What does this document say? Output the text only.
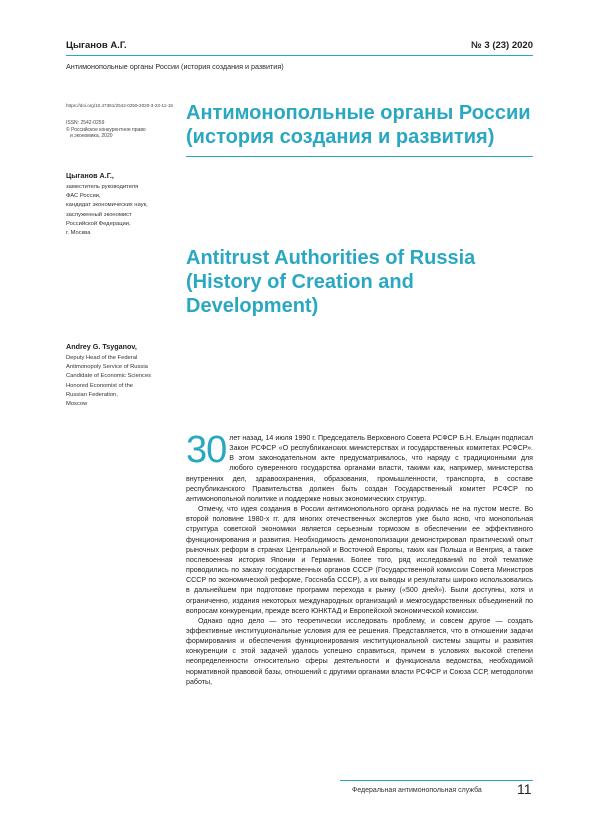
Цыганов А.Г.	№ 3 (23) 2020
Антимонопольные органы России (история создания и развития)
https://doi.org/10.47361/2542-0259-2020-3-23-11-15
ISSN: 2542-0259
© Российское конкурентное право
и экономика, 2020
Антимонопольные органы России (история создания и развития)
Цыганов А.Г.,
заместитель руководителя
ФАС России,
кандидат экономических наук,
заслуженный экономист
Российской Федерации,
г. Москва
Antitrust Authorities of Russia (History of Creation and Development)
Andrey G. Tsyganov,
Deputy Head of the Federal
Antimonopoly Service of Russia
Candidate of Economic Sciences
Honored Economist of the
Russian Federation,
Moscow

30 лет назад, 14 июля 1990 г. Председатель Верховного Совета РСФСР Б.Н. Ельцин подписал Закон РСФСР «О республиканских министерствах и государственных комитетах РСФСР». В этом законодательном акте предусматривалось, что наряду с традиционными для любого суверенного государства органами власти, такими как, например, министерства внутренних дел, здравоохранения, образования, промышленности, транспорта, в составе республиканского Правительства должен быть создан Государственный комитет РСФСР по антимонопольной политике и поддержке новых экономических структур.

Отмечу, что идея создания в России антимонопольного органа родилась не на пустом месте. Во второй половине 1980-х гг. для многих отечественных экспертов уже было ясно, что монопольная структура советской экономики является серьезным тормозом в обеспечении ее эффективного функционирования и развития. Необходимость демонополизации демонстрировал практический опыт рыночных реформ в странах Центральной и Восточной Европы, таких как Польша и Венгрия, а также послевоенная история Японии и Германии. Более того, ряд исследований по этой тематике проводились по заказу государственных органов СССР (Государственной комиссии Совета Министров СССР по экономической реформе, Госснаба СССР), а их выводы и результаты широко использовались в дальнейшем при подготовке программ перехода к рынку («500 дней»). Были доступны, хотя и ограниченно, издания некоторых международных организаций и межгосударственных объединений по вопросам конкуренции, прежде всего ЮНКТАД и Европейской экономической комиссии.

Однако одно дело — это теоретически исследовать проблему, и совсем другое — создать эффективные институциональные условия для ее решения. Представляется, что в отношении задачи формирования и обеспечения функционирования институциональной системы защиты и развития конкуренции с этой задачей удалось успешно справиться, причем в условиях высокой степени неопределенности относительно сферы деятельности и функционала ведомства, необходимой нормативной правовой базы, отношений с другими органами власти РСФСР и Союза ССР, методологии работы,

Федеральная антимонопольная служба	11
